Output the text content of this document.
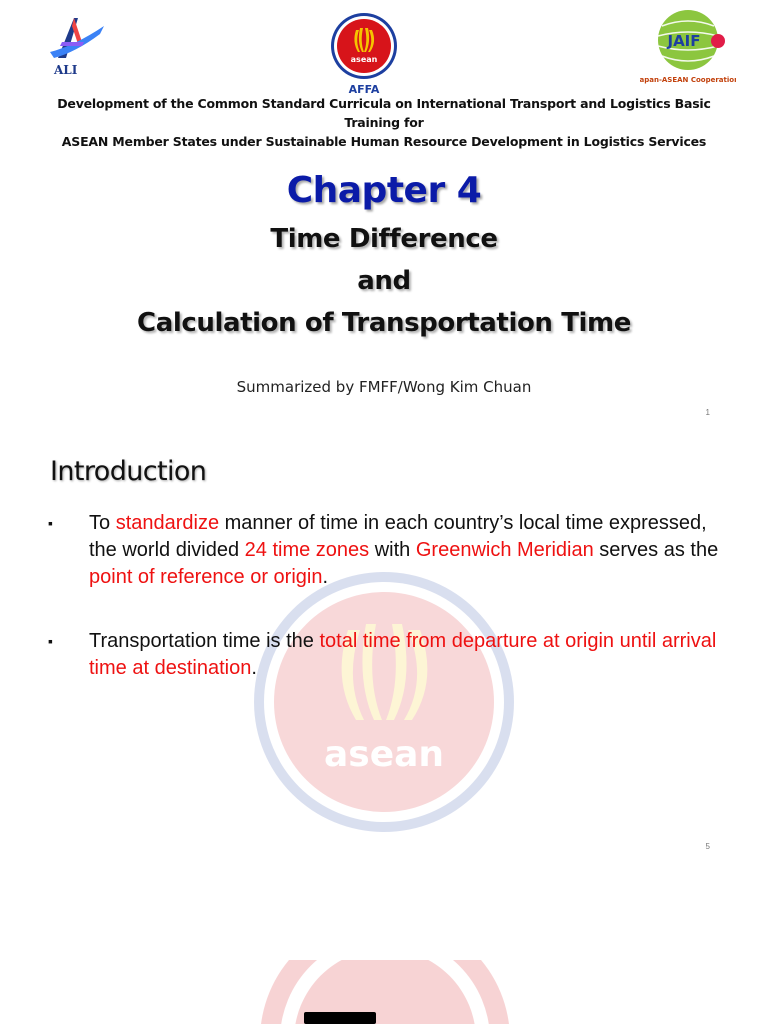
ALI
asean
AFFA
JAIF
Japan-ASEAN Cooperation
Development of the Common Standard Curricula on International Transport and Logistics Basic Training for
ASEAN Member States under Sustainable Human Resource Development in Logistics Services
Chapter 4
Time Difference
and
Calculation of Transportation Time
Summarized by FMFF/Wong Kim Chuan
1
asean
Introduction
▪ To standardize manner of time in each country’s local time expressed, the world divided 24 time zones with Greenwich Meridian serves as the point of reference or origin.
▪ Transportation time is the total time from departure at origin until arrival time at destination.
5
